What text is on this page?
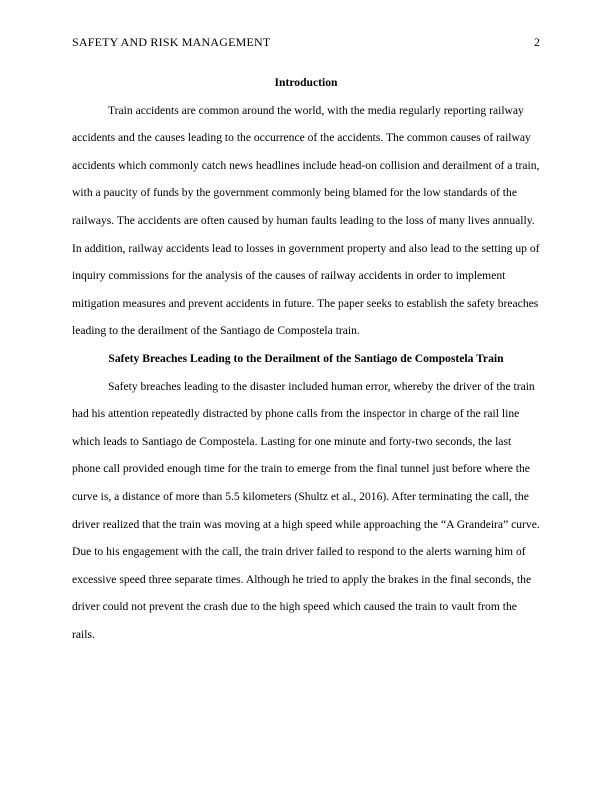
SAFETY AND RISK MANAGEMENT	2

Introduction

Train accidents are common around the world, with the media regularly reporting railway accidents and the causes leading to the occurrence of the accidents. The common causes of railway accidents which commonly catch news headlines include head-on collision and derailment of a train, with a paucity of funds by the government commonly being blamed for the low standards of the railways. The accidents are often caused by human faults leading to the loss of many lives annually. In addition, railway accidents lead to losses in government property and also lead to the setting up of inquiry commissions for the analysis of the causes of railway accidents in order to implement mitigation measures and prevent accidents in future. The paper seeks to establish the safety breaches leading to the derailment of the Santiago de Compostela train.

Safety Breaches Leading to the Derailment of the Santiago de Compostela Train

Safety breaches leading to the disaster included human error, whereby the driver of the train had his attention repeatedly distracted by phone calls from the inspector in charge of the rail line which leads to Santiago de Compostela. Lasting for one minute and forty-two seconds, the last phone call provided enough time for the train to emerge from the final tunnel just before where the curve is, a distance of more than 5.5 kilometers (Shultz et al., 2016). After terminating the call, the driver realized that the train was moving at a high speed while approaching the “A Grandeira” curve. Due to his engagement with the call, the train driver failed to respond to the alerts warning him of excessive speed three separate times. Although he tried to apply the brakes in the final seconds, the driver could not prevent the crash due to the high speed which caused the train to vault from the rails.
